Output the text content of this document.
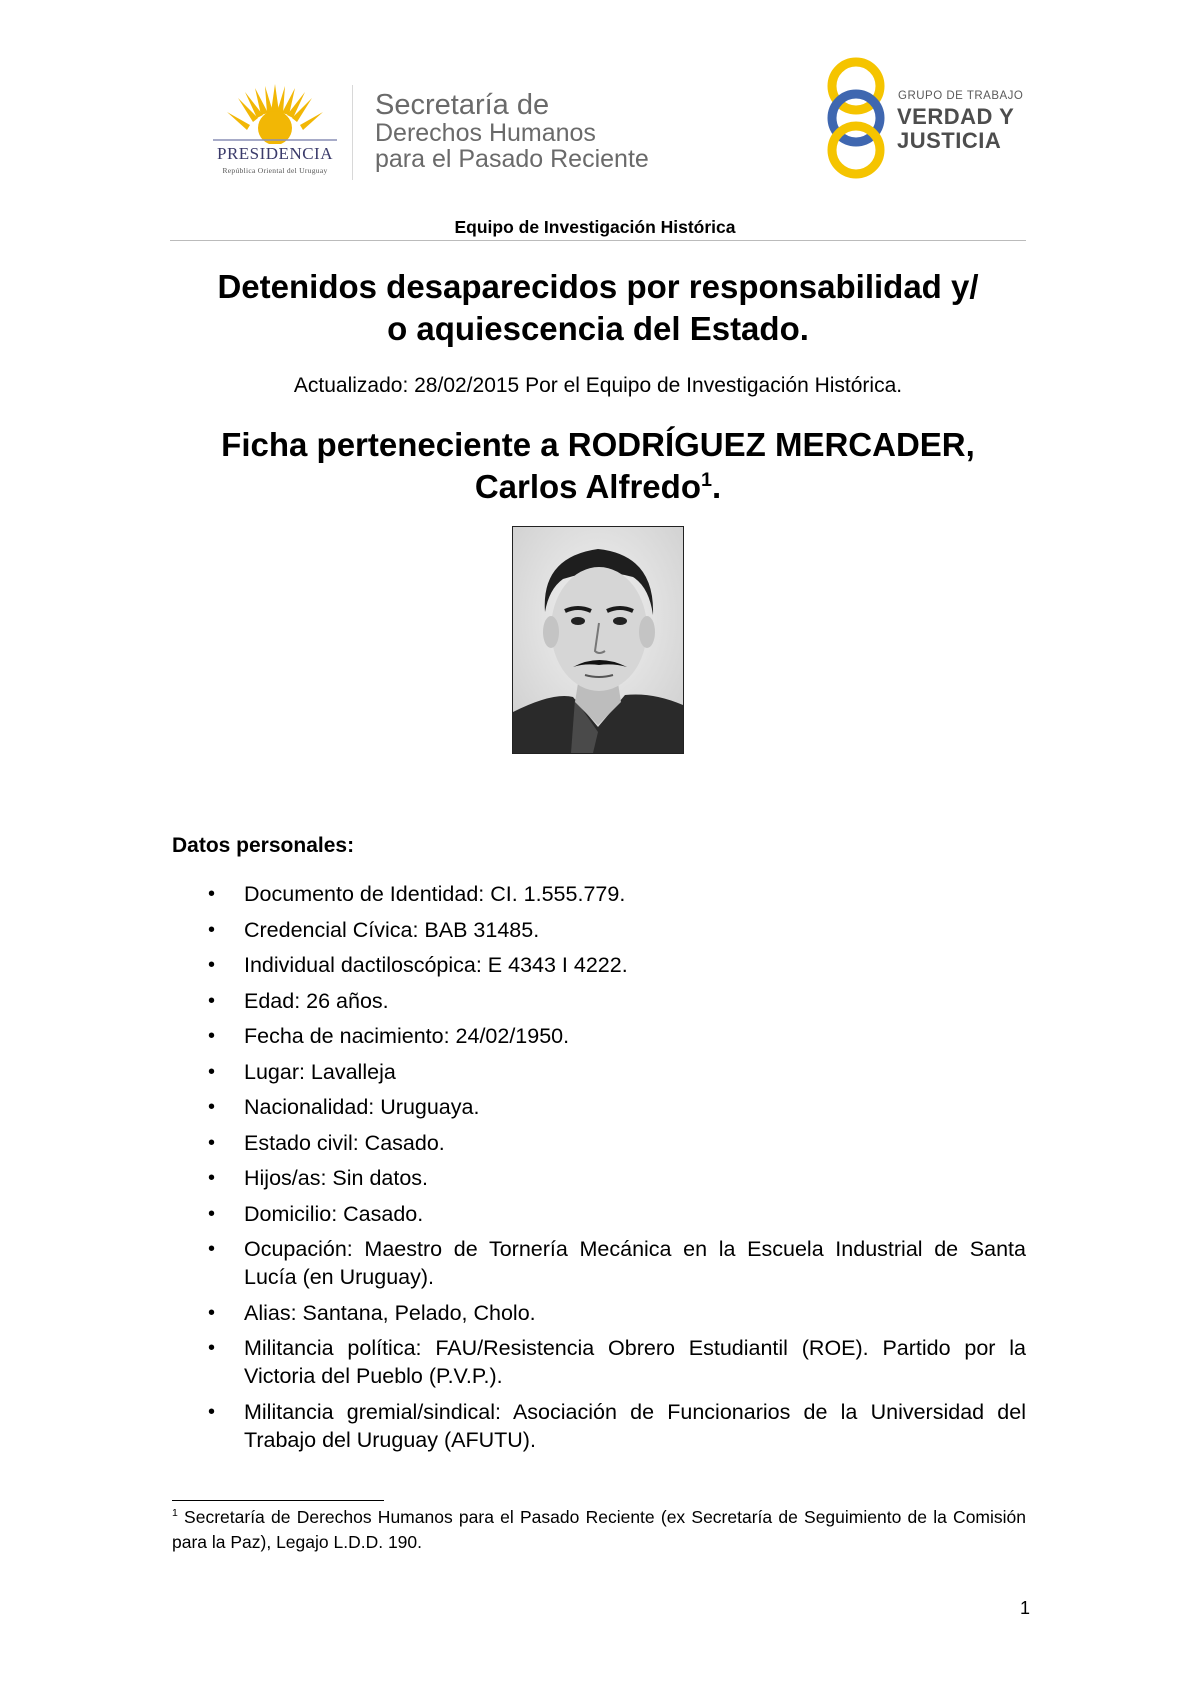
PRESIDENCIA
República Oriental del Uruguay
Secretaría de
Derechos Humanos
para el Pasado Reciente
GRUPO DE TRABAJO
VERDAD Y
JUSTICIA
Equipo de Investigación Histórica
Detenidos desaparecidos por responsabilidad y/
o aquiescencia del Estado.
Actualizado: 28/02/2015 Por el Equipo de Investigación Histórica.
Ficha perteneciente a RODRÍGUEZ MERCADER,
Carlos Alfredo$^1$.
Datos personales:
• Documento de Identidad: CI. 1.555.779.
• Credencial Cívica: BAB 31485.
• Individual dactiloscópica: E 4343 I 4222.
• Edad: 26 años.
• Fecha de nacimiento: 24/02/1950.
• Lugar: Lavalleja
• Nacionalidad: Uruguaya.
• Estado civil: Casado.
• Hijos/as: Sin datos.
• Domicilio: Casado.
• Ocupación: Maestro de Tornería Mecánica en la Escuela Industrial de Santa Lucía (en Uruguay).
• Alias: Santana, Pelado, Cholo.
• Militancia política: FAU/Resistencia Obrero Estudiantil (ROE). Partido por la Victoria del Pueblo (P.V.P.).
• Militancia gremial/sindical: Asociación de Funcionarios de la Universidad del Trabajo del Uruguay (AFUTU).
$^1$ Secretaría de Derechos Humanos para el Pasado Reciente (ex Secretaría de Seguimiento de la Comisión para la Paz), Legajo L.D.D. 190.
1
